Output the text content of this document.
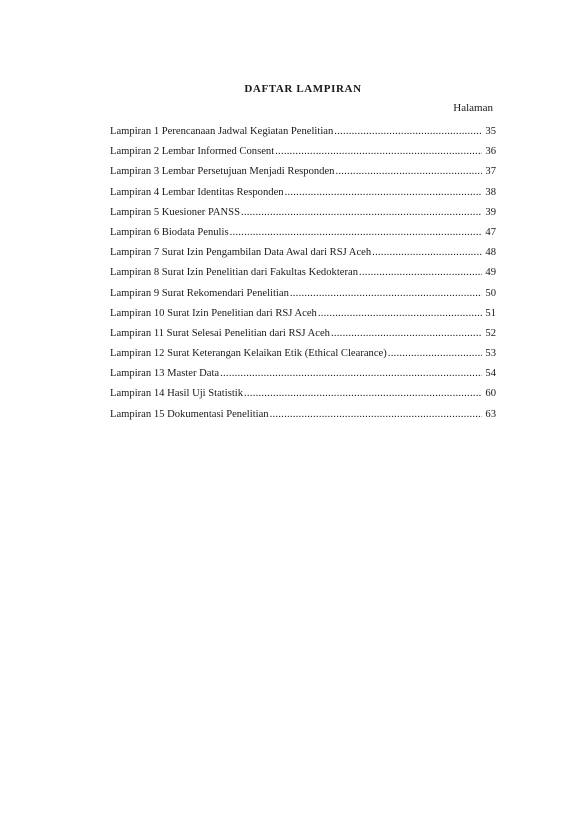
DAFTAR LAMPIRAN
Halaman
Lampiran 1 Perencanaan Jadwal Kegiatan Penelitian . . .	35
Lampiran 2 Lembar Informed Consent . . .	36
Lampiran 3 Lembar Persetujuan Menjadi Responden . . .	37
Lampiran 4 Lembar Identitas Responden . . .	38
Lampiran 5 Kuesioner PANSS . . .	39
Lampiran 6 Biodata Penulis . . .	47
Lampiran 7 Surat Izin Pengambilan Data Awal dari RSJ Aceh . . .	48
Lampiran 8 Surat Izin Penelitian dari Fakultas Kedokteran . . .	49
Lampiran 9 Surat Rekomendari Penelitian . . .	50
Lampiran 10 Surat Izin Penelitian dari RSJ Aceh . . .	51
Lampiran 11 Surat Selesai Penelitian dari RSJ Aceh . . .	52
Lampiran 12 Surat Keterangan Kelaikan Etik (Ethical Clearance) . . .	53
Lampiran 13 Master Data . . .	54
Lampiran 14 Hasil Uji Statistik . . .	60
Lampiran 15 Dokumentasi Penelitian . . .	63
